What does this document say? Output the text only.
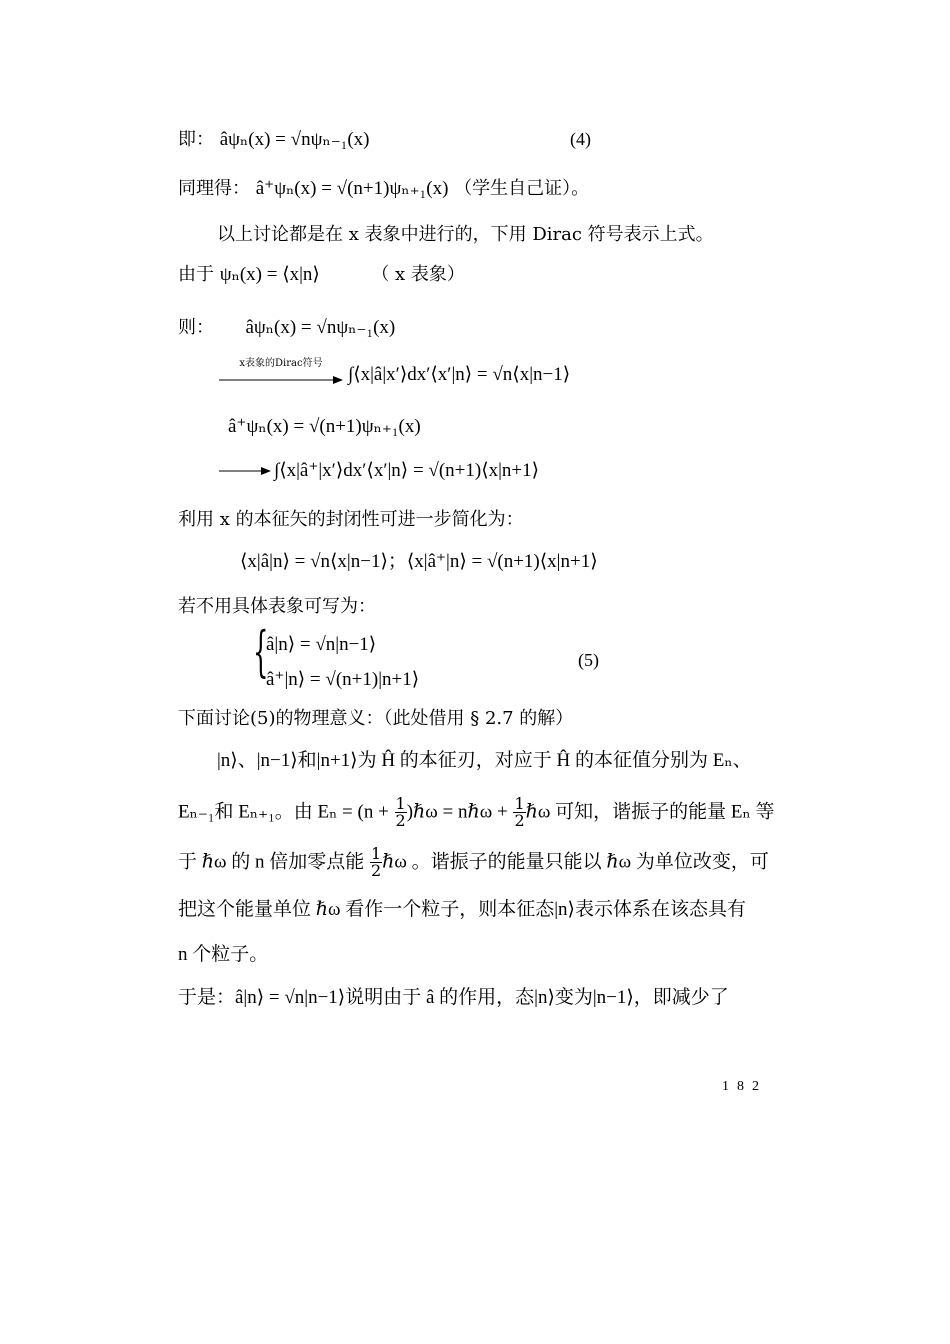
即： âψₙ(x) = √nψₙ₋₁(x)	(4)
同理得： â⁺ψₙ(x) = √(n+1)ψₙ₊₁(x) （学生自己证）。
以上讨论都是在 x 表象中进行的，下用 Dirac 符号表示上式。
由于 ψₙ(x) = ⟨x|n⟩	（ x 表象）
则： âψₙ(x) = √nψₙ₋₁(x)
x表象的Dirac符号
∫⟨x|â|x′⟩dx′⟨x′|n⟩ = √n⟨x|n−1⟩
â⁺ψₙ(x) = √(n+1)ψₙ₊₁(x)
∫⟨x|â⁺|x′⟩dx′⟨x′|n⟩ = √(n+1)⟨x|n+1⟩
利用 x 的本征矢的封闭性可进一步简化为：
⟨x|â|n⟩ = √n⟨x|n−1⟩；⟨x|â⁺|n⟩ = √(n+1)⟨x|n+1⟩
若不用具体表象可写为：
{
â|n⟩ = √n|n−1⟩
â⁺|n⟩ = √(n+1)|n+1⟩
(5)
下面讨论(5)的物理意义：（此处借用 § 2.7 的解）
|n⟩、|n−1⟩和|n+1⟩为 Ĥ 的本征刃，对应于 Ĥ 的本征值分别为 Eₙ、
Eₙ₋₁和 Eₙ₊₁。由 $E_n = (n + \frac{1}{2}$ )ℏω = nℏω + $\frac{1}{2}$ ℏω 可知，谐振子的能量 Eₙ 等
于 ℏω 的 n 倍加零点能 $\frac{1}{2}$ ℏω 。谐振子的能量只能以 ℏω 为单位改变，可
把这个能量单位 ℏω 看作一个粒子，则本征态|n⟩表示体系在该态具有
n 个粒子。
于是：â|n⟩ = √n|n−1⟩说明由于 â 的作用，态|n⟩变为|n−1⟩，即减少了
182
